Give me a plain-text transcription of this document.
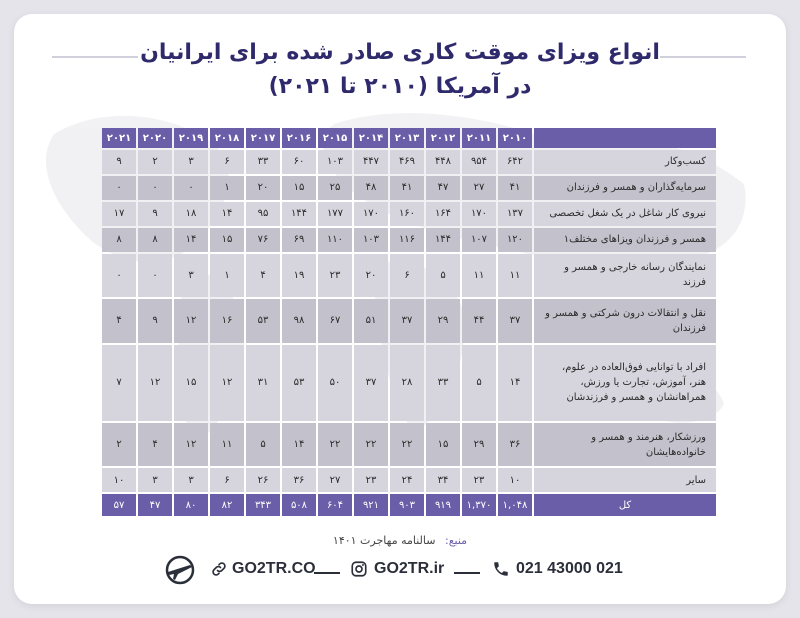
انواع ویزای موقت کاری صادر شده برای ایرانیان
در آمریکا (۲۰۱۰ تا ۲۰۲۱)
	۲۰۱۰	۲۰۱۱	۲۰۱۲	۲۰۱۳	۲۰۱۴	۲۰۱۵	۲۰۱۶	۲۰۱۷	۲۰۱۸	۲۰۱۹	۲۰۲۰	۲۰۲۱
کسب‌وکار	۶۴۲	۹۵۴	۴۴۸	۴۶۹	۴۴۷	۱۰۳	۶۰	۳۳	۶	۳	۲	۹
سرمایه‌گذاران و همسر و فرزندان	۴۱	۲۷	۴۷	۴۱	۴۸	۲۵	۱۵	۲۰	۱	۰	۰	۰
نیروی کار شاغل در یک شغل تخصصی	۱۳۷	۱۷۰	۱۶۴	۱۶۰	۱۷۰	۱۷۷	۱۴۴	۹۵	۱۴	۱۸	۹	۱۷
همسر و فرزندان ویزاهای مختلف۱	۱۲۰	۱۰۷	۱۴۴	۱۱۶	۱۰۳	۱۱۰	۶۹	۷۶	۱۵	۱۴	۸	۸
نمایندگان رسانه خارجی و همسر و فرزند	۱۱	۱۱	۵	۶	۲۰	۲۳	۱۹	۴	۱	۳	۰	۰
نقل و انتقالات درون شرکتی و همسر و فرزندان	۳۷	۴۴	۲۹	۳۷	۵۱	۶۷	۹۸	۵۳	۱۶	۱۲	۹	۴
افراد با توانایی فوق‌العاده در علوم، هنر، آموزش، تجارت یا ورزش، همراهانشان و همسر و فرزندشان	۱۴	۵	۳۳	۲۸	۳۷	۵۰	۵۳	۳۱	۱۲	۱۵	۱۲	۷
ورزشکار، هنرمند و همسر و خانواده‌هایشان	۳۶	۲۹	۱۵	۲۲	۲۲	۲۲	۱۴	۵	۱۱	۱۲	۴	۲
سایر	۱۰	۲۳	۳۴	۲۴	۲۳	۲۷	۳۶	۲۶	۶	۳	۳	۱۰
کل	۱,۰۴۸	۱,۳۷۰	۹۱۹	۹۰۳	۹۲۱	۶۰۴	۵۰۸	۳۴۳	۸۲	۸۰	۴۷	۵۷
منبع: سالنامه مهاجرت ۱۴۰۱
021 43000 021
GO2TR.ir
GO2TR.CO
